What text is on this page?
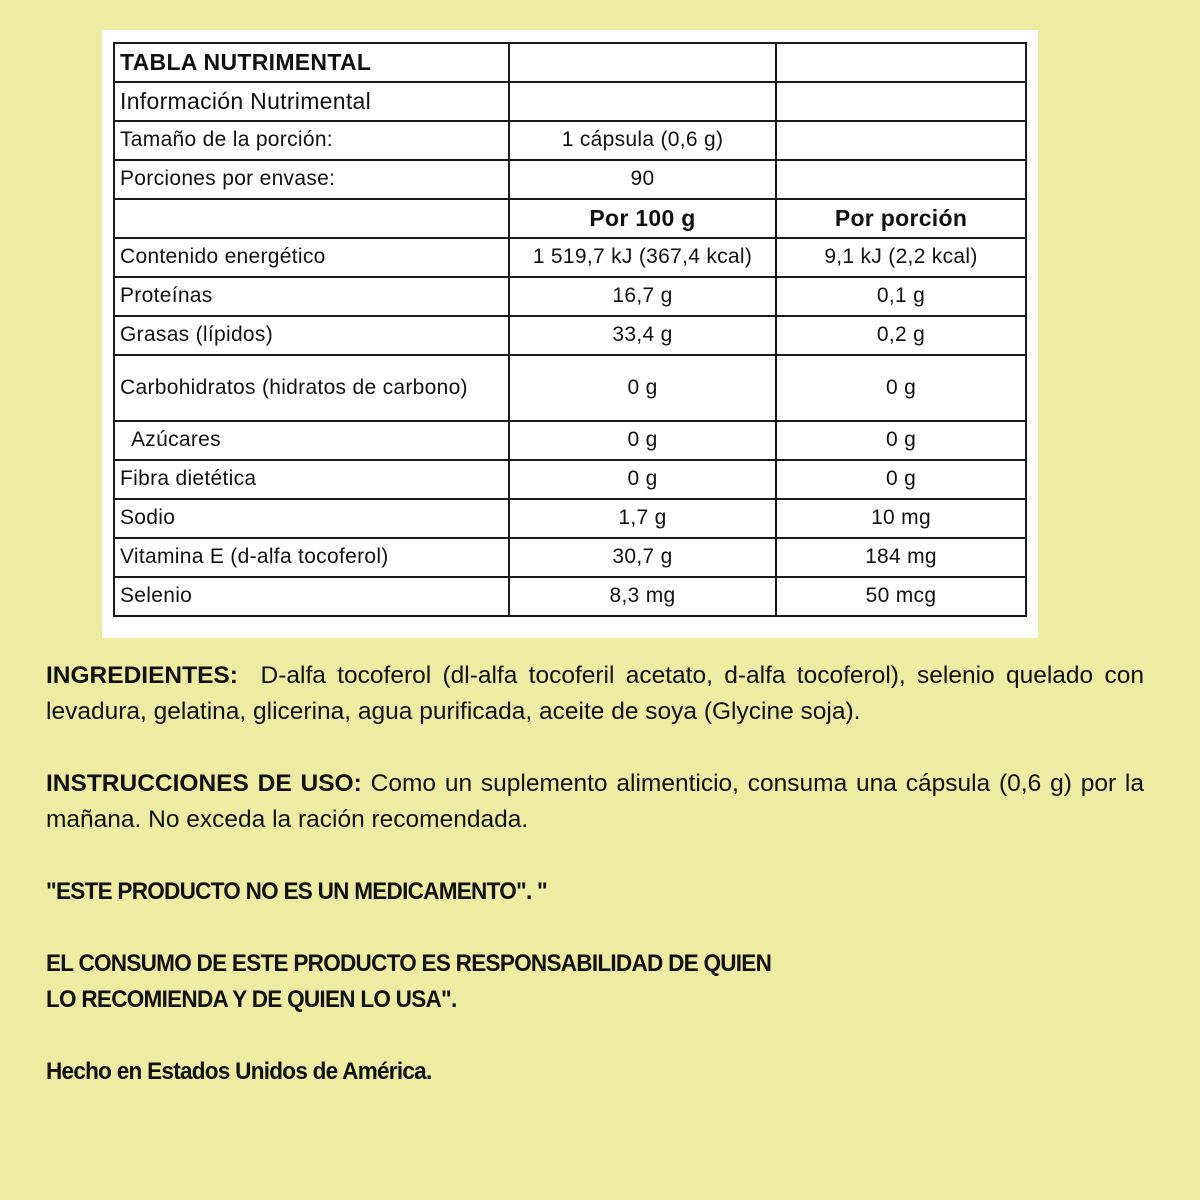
TABLA NUTRIMENTAL		
Información Nutrimental		
Tamaño de la porción:	1 cápsula (0,6 g)	
Porciones por envase:	90	
	Por 100 g	Por porción
Contenido energético	1 519,7 kJ (367,4 kcal)	9,1 kJ (2,2 kcal)
Proteínas	16,7 g	0,1 g
Grasas (lípidos)	33,4 g	0,2 g
Carbohidratos (hidratos de carbono)	0 g	0 g
Azúcares	0 g	0 g
Fibra dietética	0 g	0 g
Sodio	1,7 g	10 mg
Vitamina E (d-alfa tocoferol)	30,7 g	184 mg
Selenio	8,3 mg	50 mcg

INGREDIENTES: D-alfa tocoferol (dl-alfa tocoferil acetato, d-alfa tocoferol), selenio quelado con levadura, gelatina, glicerina, agua purificada, aceite de soya (Glycine soja).

INSTRUCCIONES DE USO: Como un suplemento alimenticio, consuma una cápsula (0,6 g) por la mañana. No exceda la ración recomendada.

"ESTE PRODUCTO NO ES UN MEDICAMENTO". "

EL CONSUMO DE ESTE PRODUCTO ES RESPONSABILIDAD DE QUIEN

LO RECOMIENDA Y DE QUIEN LO USA".

Hecho en Estados Unidos de América.
